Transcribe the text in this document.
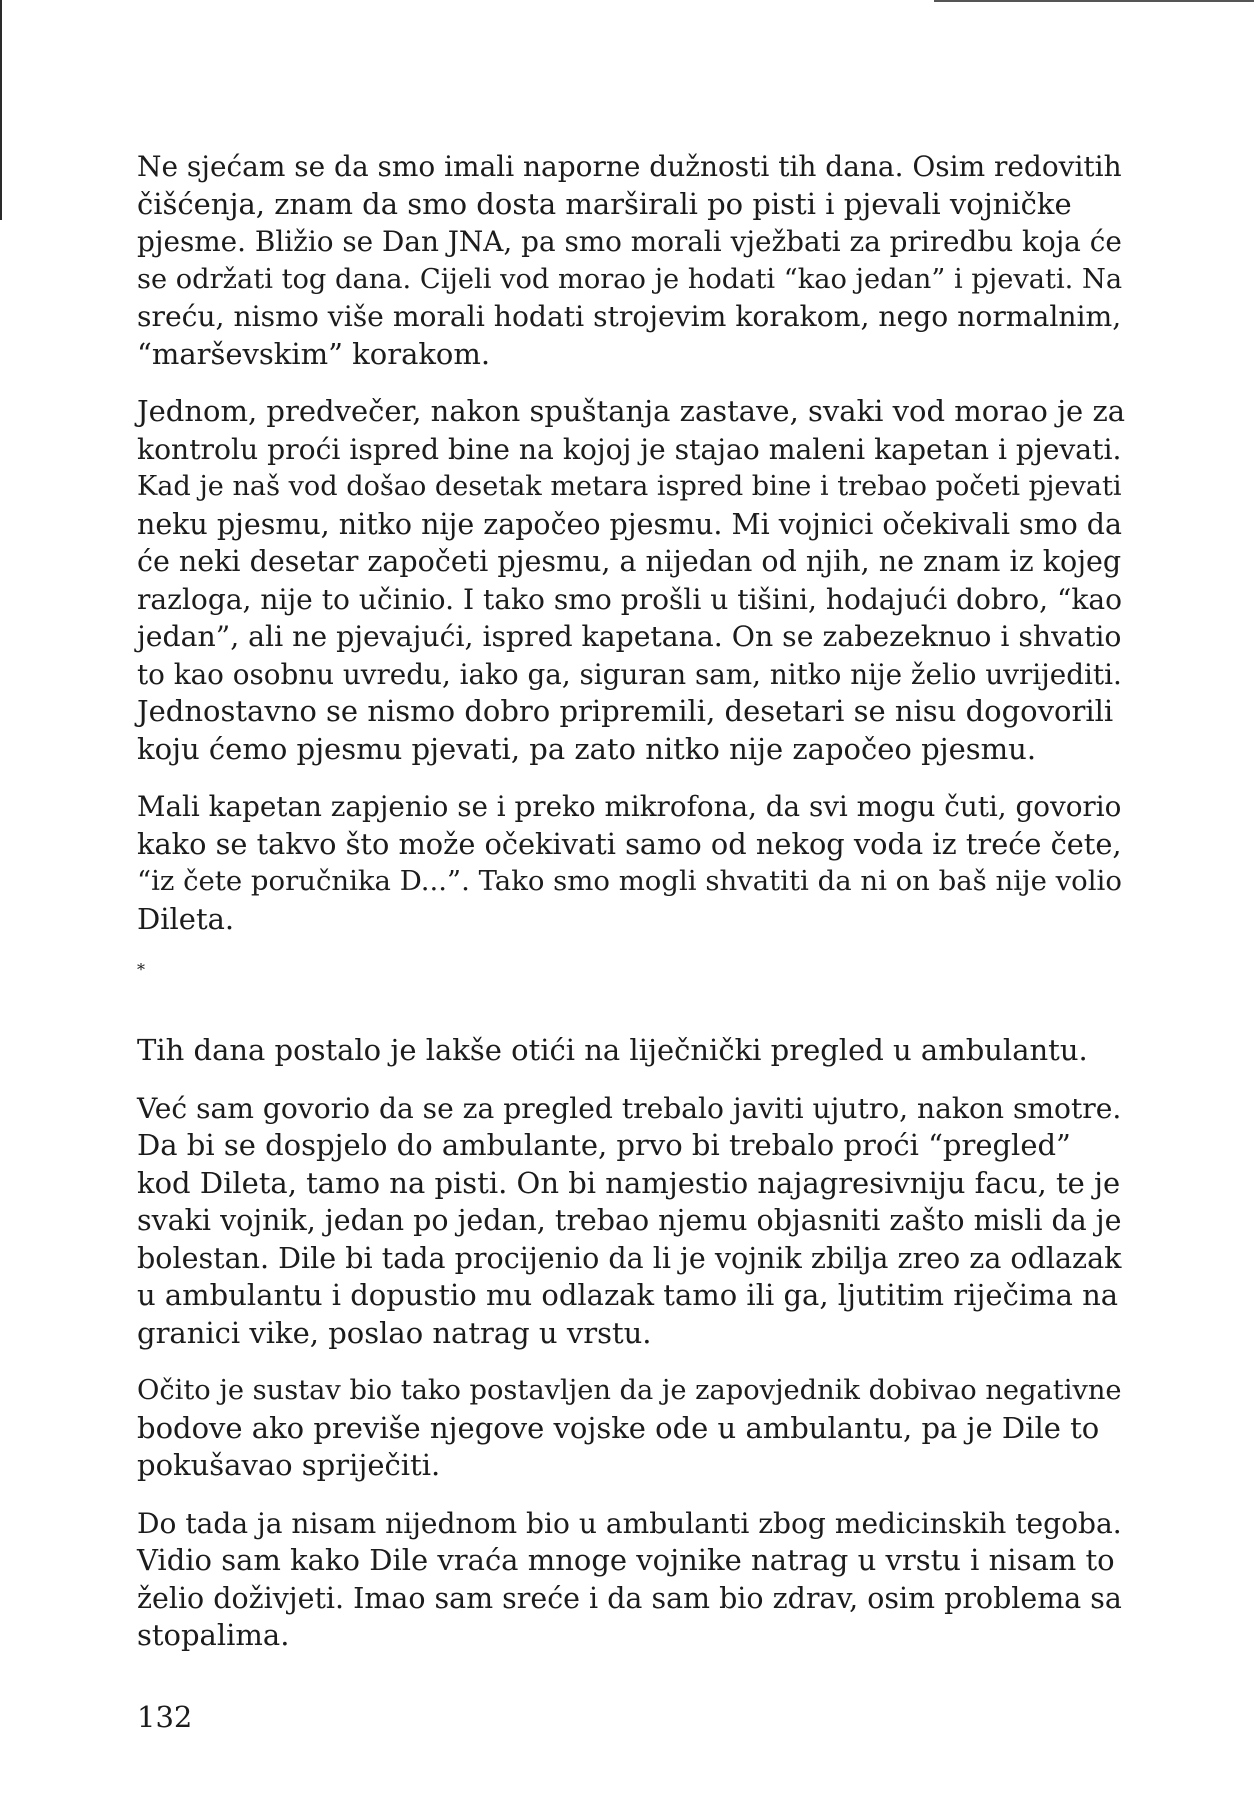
Ne sjećam se da smo imali naporne dužnosti tih dana. Osim redovitih
čišćenja, znam da smo dosta marširali po pisti i pjevali vojničke
pjesme. Bližio se Dan JNA, pa smo morali vježbati za priredbu koja će
se održati tog dana. Cijeli vod morao je hodati “kao jedan” i pjevati. Na
sreću, nismo više morali hodati strojevim korakom, nego normalnim,
“marševskim” korakom.
Jednom, predvečer, nakon spuštanja zastave, svaki vod morao je za
kontrolu proći ispred bine na kojoj je stajao maleni kapetan i pjevati.
Kad je naš vod došao desetak metara ispred bine i trebao početi pjevati
neku pjesmu, nitko nije započeo pjesmu. Mi vojnici očekivali smo da
će neki desetar započeti pjesmu, a nijedan od njih, ne znam iz kojeg
razloga, nije to učinio. I tako smo prošli u tišini, hodajući dobro, “kao
jedan”, ali ne pjevajući, ispred kapetana. On se zabezeknuo i shvatio
to kao osobnu uvredu, iako ga, siguran sam, nitko nije želio uvrijediti.
Jednostavno se nismo dobro pripremili, desetari se nisu dogovorili
koju ćemo pjesmu pjevati, pa zato nitko nije započeo pjesmu.
Mali kapetan zapjenio se i preko mikrofona, da svi mogu čuti, govorio
kako se takvo što može očekivati samo od nekog voda iz treće čete,
“iz čete poručnika D...”. Tako smo mogli shvatiti da ni on baš nije volio
Dileta.
*
Tih dana postalo je lakše otići na liječnički pregled u ambulantu.
Već sam govorio da se za pregled trebalo javiti ujutro, nakon smotre.
Da bi se dospjelo do ambulante, prvo bi trebalo proći “pregled”
kod Dileta, tamo na pisti. On bi namjestio najagresivniju facu, te je
svaki vojnik, jedan po jedan, trebao njemu objasniti zašto misli da je
bolestan. Dile bi tada procijenio da li je vojnik zbilja zreo za odlazak
u ambulantu i dopustio mu odlazak tamo ili ga, ljutitim riječima na
granici vike, poslao natrag u vrstu.
Očito je sustav bio tako postavljen da je zapovjednik dobivao negativne
bodove ako previše njegove vojske ode u ambulantu, pa je Dile to
pokušavao spriječiti.
Do tada ja nisam nijednom bio u ambulanti zbog medicinskih tegoba.
Vidio sam kako Dile vraća mnoge vojnike natrag u vrstu i nisam to
želio doživjeti. Imao sam sreće i da sam bio zdrav, osim problema sa
stopalima.
132
